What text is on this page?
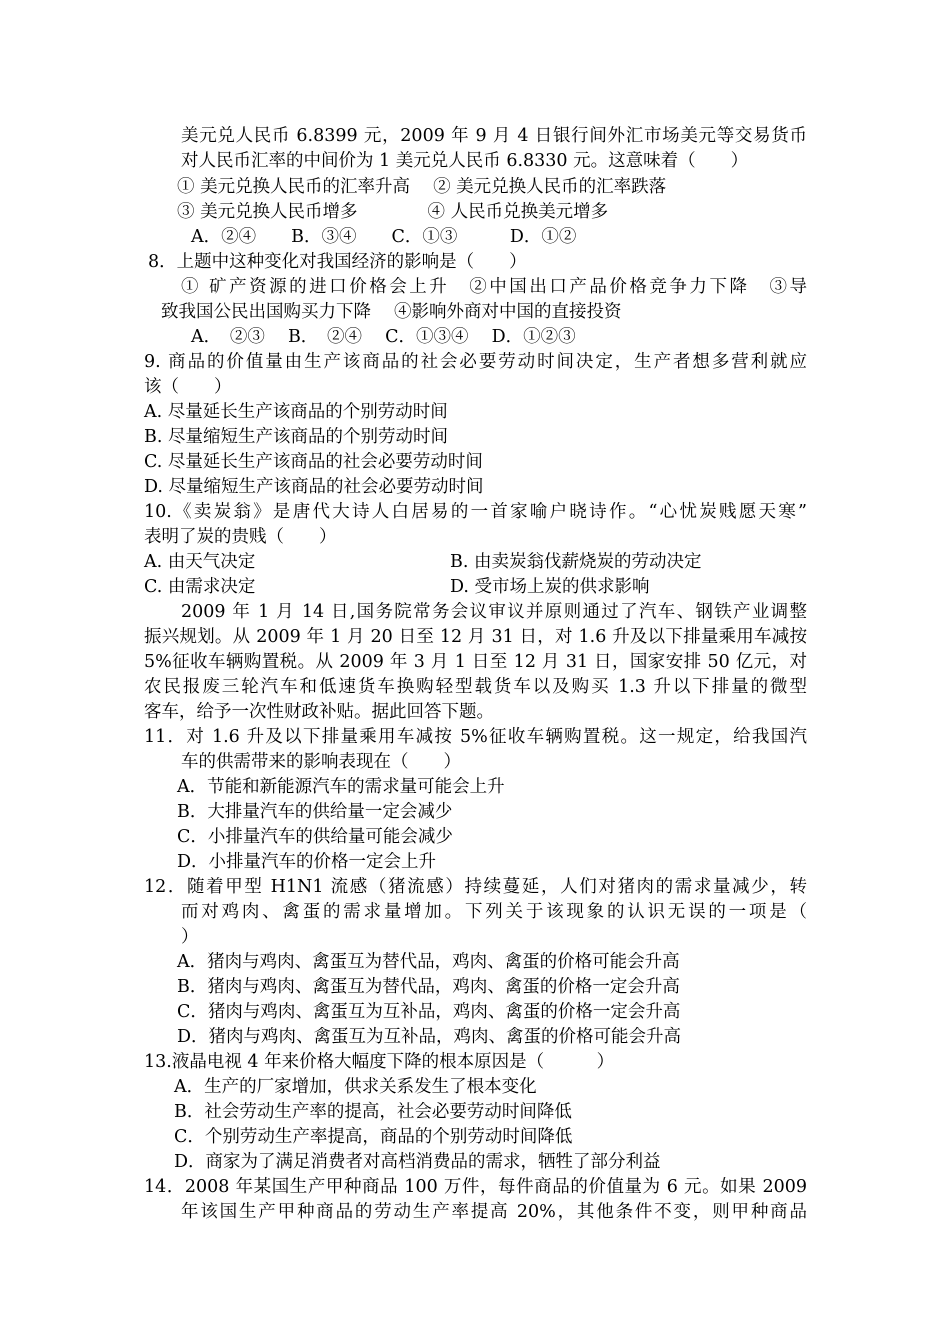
美元兑人民币 6.8399 元，2009 年 9 月 4 日银行间外汇市场美元等交易货币
对人民币汇率的中间价为 1 美元兑人民币 6.8330 元。这意味着（　　）
① 美元兑换人民币的汇率升高　 ② 美元兑换人民币的汇率跌落
③ 美元兑换人民币增多　　　　④ 人民币兑换美元增多
A．②④　　B．③④　　C．①③　　　D．①②
8．上题中这种变化对我国经济的影响是（　　）
① 矿产资源的进口价格会上升　②中国出口产品价格竞争力下降　③导
致我国公民出国购买力下降　 ④影响外商对中国的直接投资
A．　②③　 B．　②④　 C．①③④　 D．①②③
9. 商品的价值量由生产该商品的社会必要劳动时间决定，生产者想多营利就应
该（　　）
A. 尽量延长生产该商品的个别劳动时间
B. 尽量缩短生产该商品的个别劳动时间
C. 尽量延长生产该商品的社会必要劳动时间
D. 尽量缩短生产该商品的社会必要劳动时间
10.《卖炭翁》是唐代大诗人白居易的一首家喻户晓诗作。“心忧炭贱愿天寒”
表明了炭的贵贱（　　）
A. 由天气决定	B. 由卖炭翁伐薪烧炭的劳动决定
C. 由需求决定	D. 受市场上炭的供求影响
2009 年 1 月 14 日,国务院常务会议审议并原则通过了汽车、钢铁产业调整
振兴规划。从 2009 年 1 月 20 日至 12 月 31 日，对 1.6 升及以下排量乘用车减按
5%征收车辆购置税。从 2009 年 3 月 1 日至 12 月 31 日，国家安排 50 亿元，对
农民报废三轮汽车和低速货车换购轻型载货车以及购买 1.3 升以下排量的微型
客车，给予一次性财政补贴。据此回答下题。
11．对 1.6 升及以下排量乘用车减按 5%征收车辆购置税。这一规定，给我国汽
车的供需带来的影响表现在（　　）
A．节能和新能源汽车的需求量可能会上升
B．大排量汽车的供给量一定会减少
C．小排量汽车的供给量可能会减少
D．小排量汽车的价格一定会上升
12．随着甲型 H1N1 流感（猪流感）持续蔓延，人们对猪肉的需求量减少，转
而对鸡肉、禽蛋的需求量增加。下列关于该现象的认识无误的一项是（
）
A．猪肉与鸡肉、禽蛋互为替代品，鸡肉、禽蛋的价格可能会升高
B．猪肉与鸡肉、禽蛋互为替代品，鸡肉、禽蛋的价格一定会升高
C．猪肉与鸡肉、禽蛋互为互补品，鸡肉、禽蛋的价格一定会升高
D．猪肉与鸡肉、禽蛋互为互补品，鸡肉、禽蛋的价格可能会升高
13.液晶电视 4 年来价格大幅度下降的根本原因是（　　　）
A．生产的厂家增加，供求关系发生了根本变化
B．社会劳动生产率的提高，社会必要劳动时间降低
C．个别劳动生产率提高，商品的个别劳动时间降低
D．商家为了满足消费者对高档消费品的需求，牺牲了部分利益
14．2008 年某国生产甲种商品 100 万件，每件商品的价值量为 6 元。如果 2009
年该国生产甲种商品的劳动生产率提高 20%，其他条件不变，则甲种商品
